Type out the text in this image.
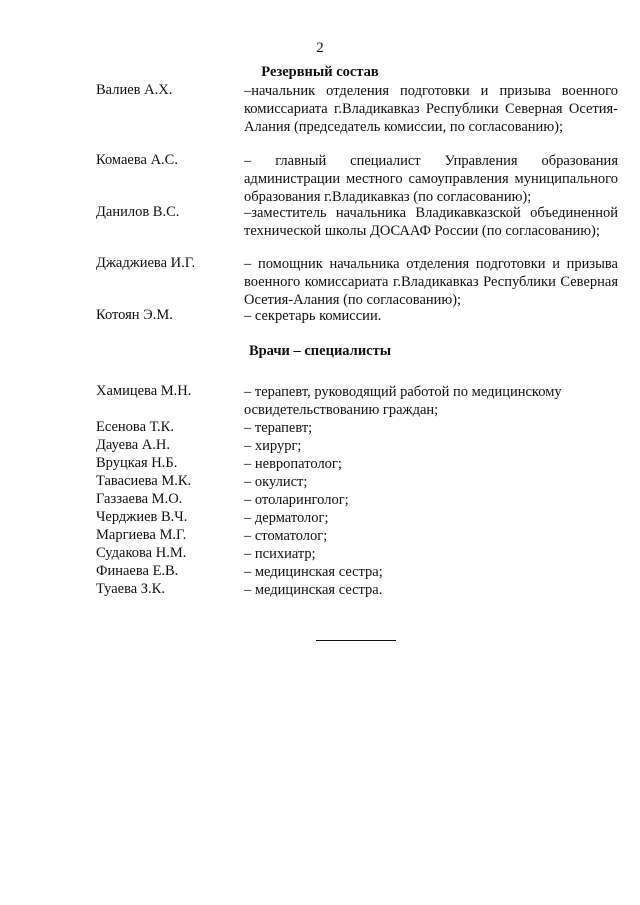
2
Резервный состав
Валиев А.Х.	–начальник отделения подготовки и призыва военного комиссариата г.Владикавказ Республики Северная Осетия-Алания (председатель комиссии, по согласованию);
Комаева А.С.	– главный специалист Управления образования администрации местного самоуправления муниципального образования г.Владикавказ (по согласованию);
Данилов В.С.	–заместитель начальника Владикавказской объединенной технической школы ДОСААФ России (по согласованию);
Джаджиева И.Г.	– помощник начальника отделения подготовки и призыва военного комиссариата г.Владикавказ Республики Северная Осетия-Алания (по согласованию);
Котоян Э.М.	– секретарь комиссии.
Врачи – специалисты
Хамицева М.Н.	– терапевт, руководящий работой по медицинскому освидетельствованию граждан;
Есенова Т.К.	– терапевт;
Дауева А.Н.	– хирург;
Вруцкая Н.Б.	– невропатолог;
Тавасиева М.К.	– окулист;
Газзаева М.О.	– отоларинголог;
Черджиев В.Ч.	– дерматолог;
Маргиева М.Г.	– стоматолог;
Судакова Н.М.	– психиатр;
Финаева Е.В.	– медицинская сестра;
Туаева З.К.	– медицинская сестра.
